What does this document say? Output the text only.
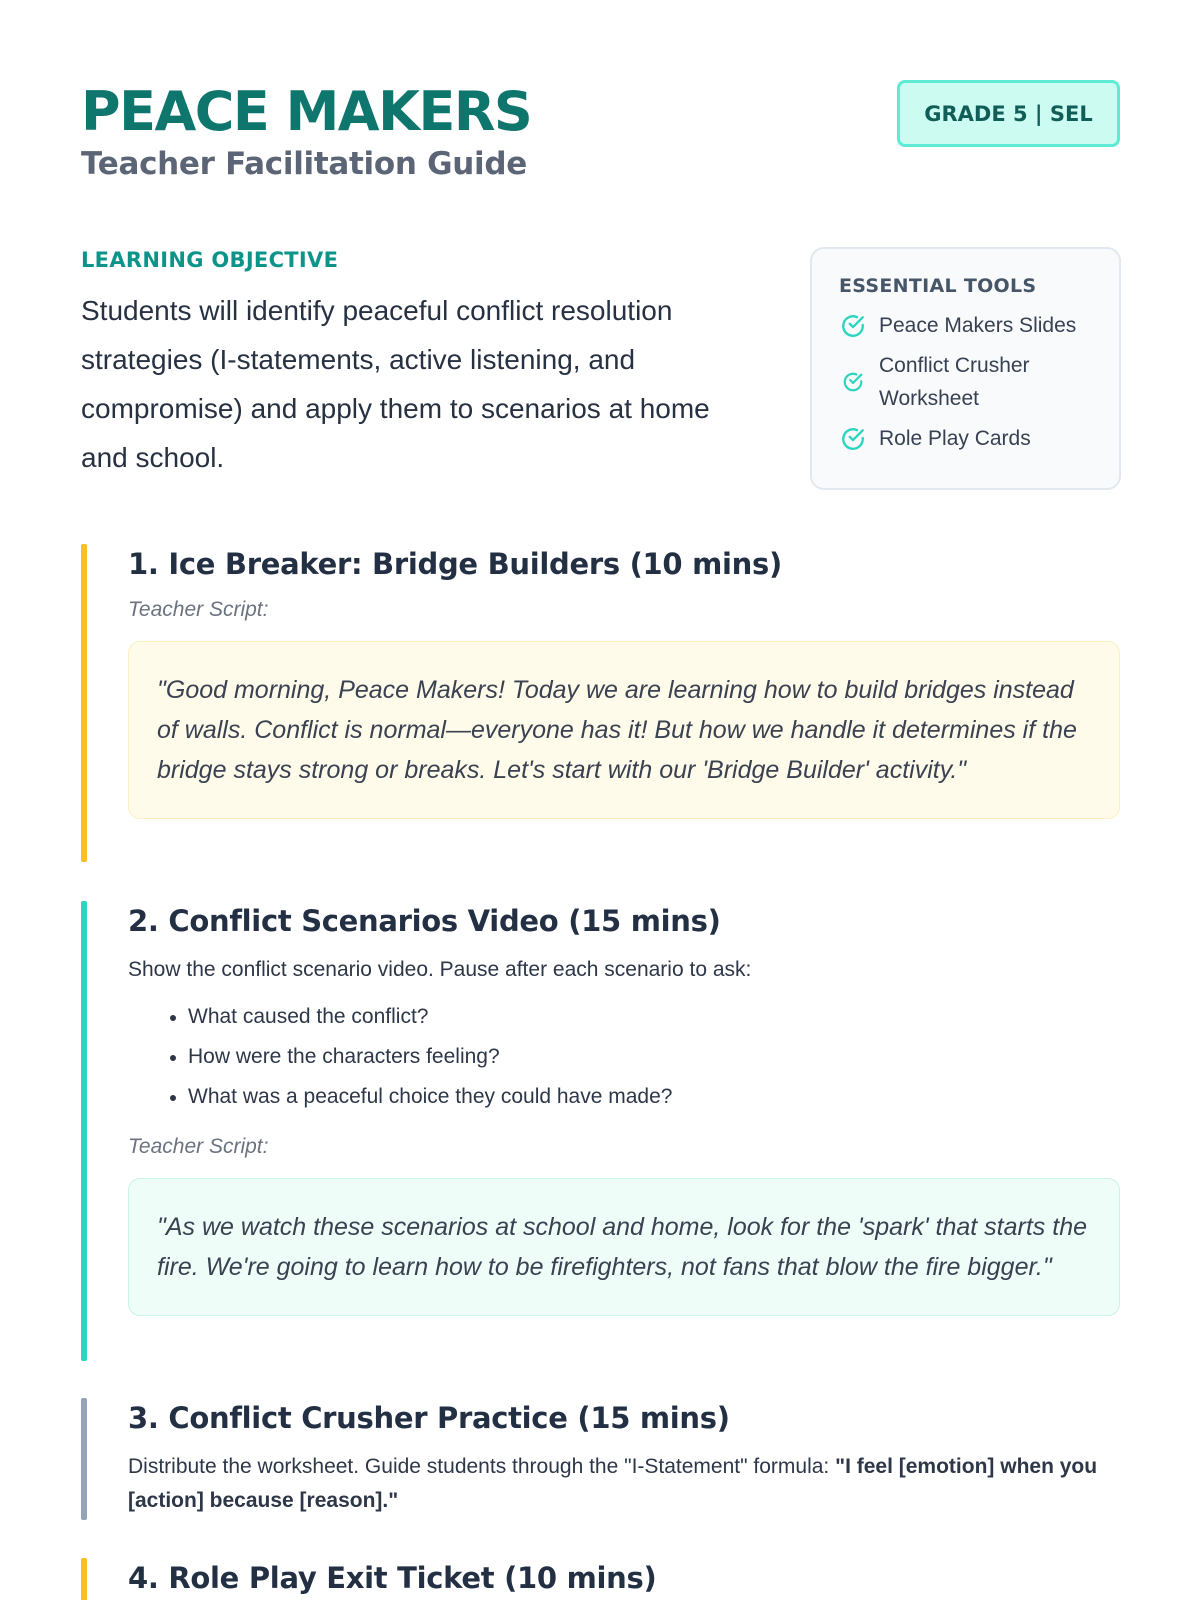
PEACE MAKERS
Teacher Facilitation Guide
GRADE 5 | SEL
LEARNING OBJECTIVE

Students will identify peaceful conflict resolution strategies (I-statements, active listening, and compromise) and apply them to scenarios at home and school.

ESSENTIAL TOOLS
Peace Makers Slides
Conflict Crusher Worksheet
Role Play Cards
1. Ice Breaker: Bridge Builders (10 mins)
Teacher Script:
"Good morning, Peace Makers! Today we are learning how to build bridges instead of walls. Conflict is normal—everyone has it! But how we handle it determines if the bridge stays strong or breaks. Let's start with our 'Bridge Builder' activity."
2. Conflict Scenarios Video (15 mins)

Show the conflict scenario video. Pause after each scenario to ask:

• What caused the conflict?
• How were the characters feeling?
• What was a peaceful choice they could have made?
Teacher Script:
"As we watch these scenarios at school and home, look for the 'spark' that starts the fire. We're going to learn how to be firefighters, not fans that blow the fire bigger."
3. Conflict Crusher Practice (15 mins)

Distribute the worksheet. Guide students through the "I-Statement" formula: "I feel [emotion] when you [action] because [reason]."

4. Role Play Exit Ticket (10 mins)
